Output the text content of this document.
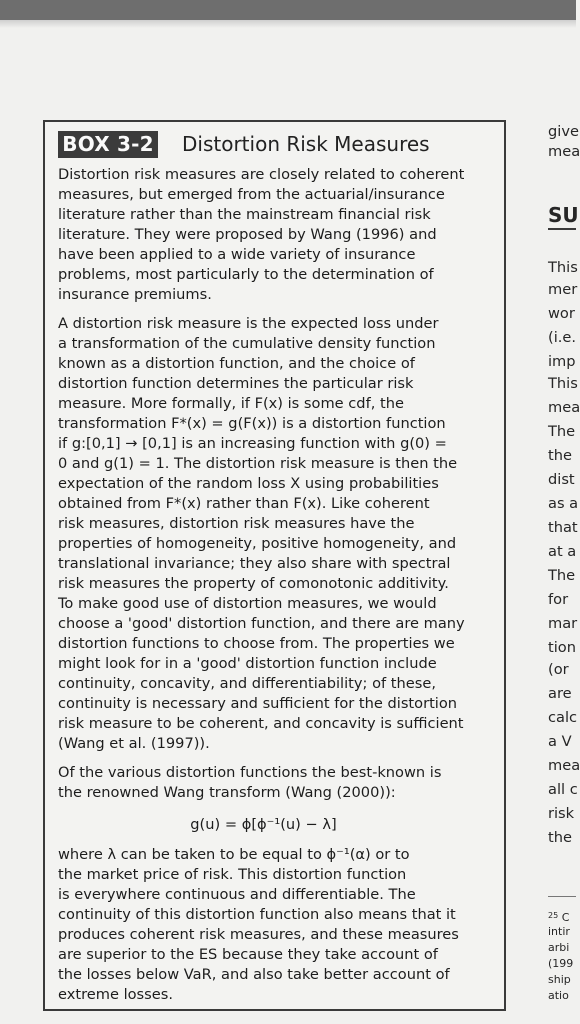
BOX 3-2 Distortion Risk Measures

Distortion risk measures are closely related to coherent
measures, but emerged from the actuarial/insurance
literature rather than the mainstream financial risk
literature. They were proposed by Wang (1996) and
have been applied to a wide variety of insurance
problems, most particularly to the determination of
insurance premiums.

A distortion risk measure is the expected loss under
a transformation of the cumulative density function
known as a distortion function, and the choice of
distortion function determines the particular risk
measure. More formally, if F(x) is some cdf, the
transformation F*(x) = g(F(x)) is a distortion function
if g:[0,1] → [0,1] is an increasing function with g(0) =
0 and g(1) = 1. The distortion risk measure is then the
expectation of the random loss X using probabilities
obtained from F*(x) rather than F(x). Like coherent
risk measures, distortion risk measures have the
properties of homogeneity, positive homogeneity, and
translational invariance; they also share with spectral
risk measures the property of comonotonic additivity.
To make good use of distortion measures, we would
choose a 'good' distortion function, and there are many
distortion functions to choose from. The properties we
might look for in a 'good' distortion function include
continuity, concavity, and differentiability; of these,
continuity is necessary and sufficient for the distortion
risk measure to be coherent, and concavity is sufficient
(Wang et al. (1997)).

Of the various distortion functions the best-known is
the renowned Wang transform (Wang (2000)):

g(u) = ϕ[ϕ⁻¹(u) − λ]

where λ can be taken to be equal to ϕ⁻¹(α) or to
the market price of risk. This distortion function
is everywhere continuous and differentiable. The
continuity of this distortion function also means that it
produces coherent risk measures, and these measures
are superior to the ES because they take account of
the losses below VaR, and also take better account of
extreme losses.

give
mea
SU
This
mer
wor
(i.e.
imp
This
mea
The
the
dist
as a
that
at a
The
for
mar
tion
(or
are
calc
a V
mea
all c
risk
the
$^{25}$ C
intir
arbi
(199
ship
atio
